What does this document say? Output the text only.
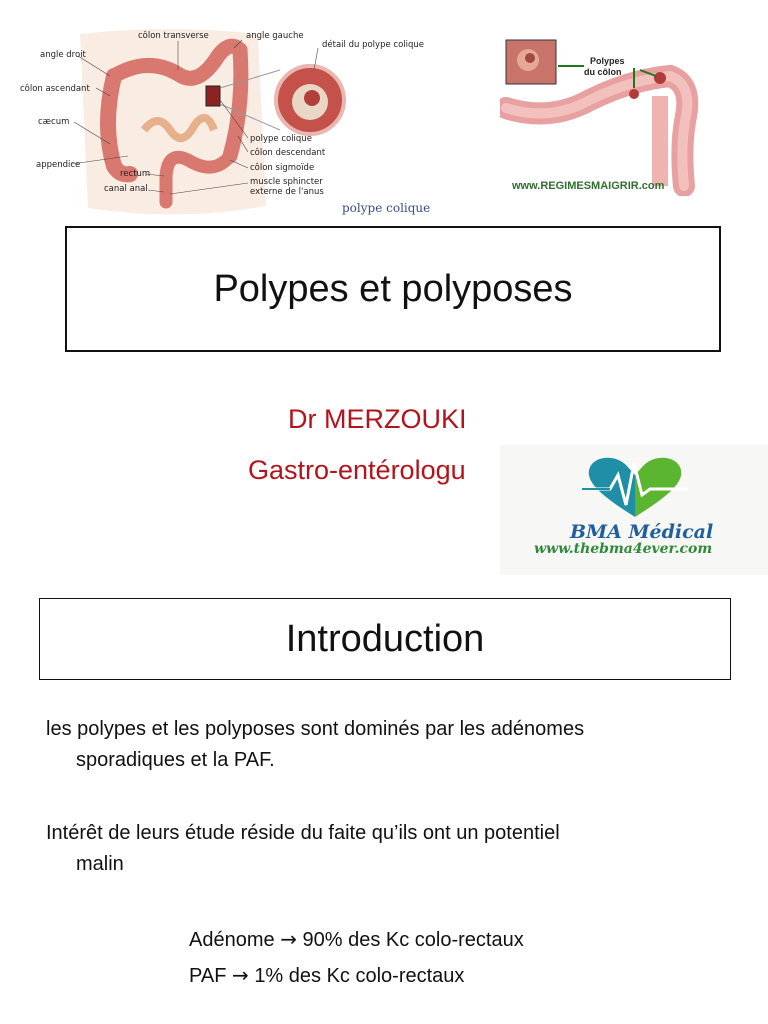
côlon transverse	angle gauche
détail du polype colique
angle droit
côlon ascendant
cæcum
appendice
rectum
canal anal
polype colique
côlon descendant
côlon sigmoïde
muscle sphincter
externe de l'anus
polype colique
Polypes
du côlon
www.REGIMESMAIGRIR.com
Polypes et polyposes
Dr MERZOUKI
Gastro-entérologu
BMA Médical
www.thebma4ever.com
Introduction
les polypes et les polyposes sont dominés par les adénomes
sporadiques et la PAF.
Intérêt de leurs étude réside du faite qu’ils ont un potentiel
malin
Adénome → 90% des Kc colo-rectaux
PAF → 1% des Kc colo-rectaux
